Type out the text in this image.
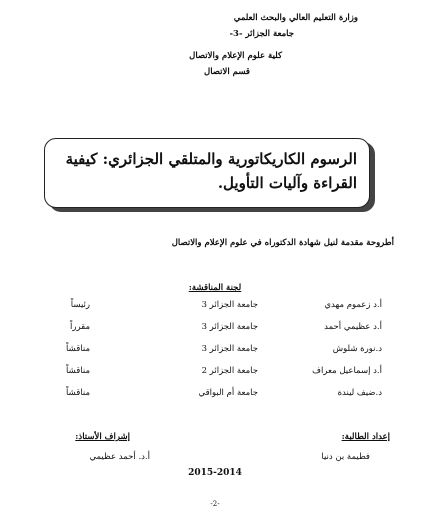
وزارة التعليم العالي والبحث العلمي
جامعة الجزائر -3-
كلية علوم الإعلام والاتصال
قسم الاتصال
الرسوم الكاريكاتورية والمتلقي الجزائري: كيفية القراءة وآليات التأويل.
أطروحة مقدمة لنيل شهادة الدكتوراه في علوم الإعلام والاتصال
لجنة المناقشة:
أ.د زعموم مهدي
جامعة الجزائر 3
رئيساً
أ.د عظيمي أحمد
جامعة الجزائر 3
مقرراً
د.نورة شلوش
جامعة الجزائر 3
مناقشاً
أ.د إسماعيل معراف
جامعة الجزائر 2
مناقشاً
د.ضيف ليندة
جامعة أم البواقي
مناقشاً
إعداد الطالبة:
فطيمة بن دنيا
إشراف الأستاذ:
أ.د. أحمد عظيمي
2015-2014
-2-
